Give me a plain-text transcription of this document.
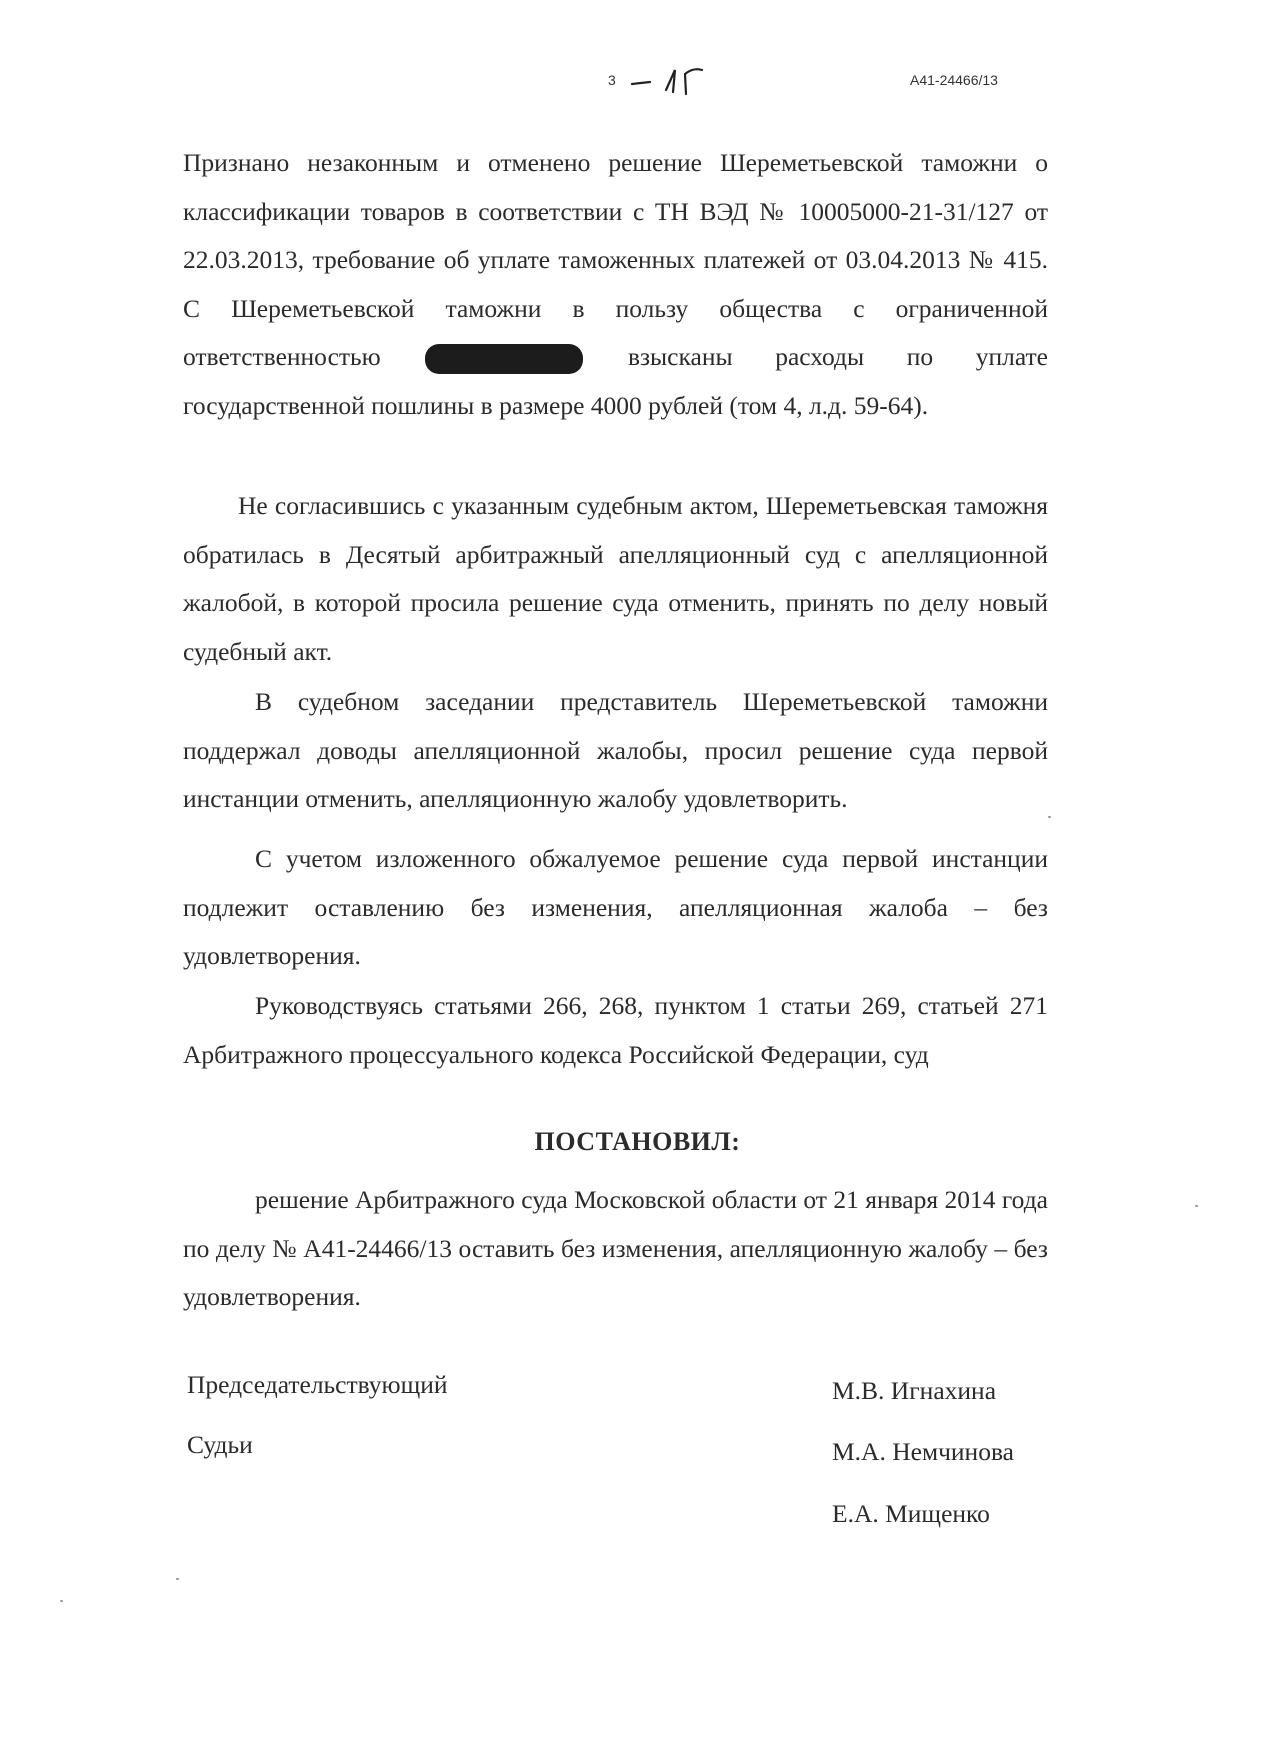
3	А41-24466/13

Признано незаконным и отменено решение Шереметьевской таможни о классификации товаров в соответствии с ТН ВЭД № 10005000-21-31/127 от 22.03.2013, требование об уплате таможенных платежей от 03.04.2013 № 415. С Шереметьевской таможни в пользу общества с ограниченной ответственностью	взысканы расходы по уплате государственной пошлины в размере 4000 рублей (том 4, л.д. 59-64).

Не согласившись с указанным судебным актом, Шереметьевская таможня обратилась в Десятый арбитражный апелляционный суд с апелляционной жалобой, в которой просила решение суда отменить, принять по делу новый судебный акт.

В судебном заседании представитель Шереметьевской таможни поддержал доводы апелляционной жалобы, просил решение суда первой инстанции отменить, апелляционную жалобу удовлетворить.

С учетом изложенного обжалуемое решение суда первой инстанции подлежит оставлению без изменения, апелляционная жалоба – без удовлетворения.

Руководствуясь статьями 266, 268, пунктом 1 статьи 269, статьей 271 Арбитражного процессуального кодекса Российской Федерации, суд

ПОСТАНОВИЛ:

решение Арбитражного суда Московской области от 21 января 2014 года по делу № А41-24466/13 оставить без изменения, апелляционную жалобу – без удовлетворения.

Председательствующий
Судьи
М.В. Игнахина
М.А. Немчинова
Е.А. Мищенко
